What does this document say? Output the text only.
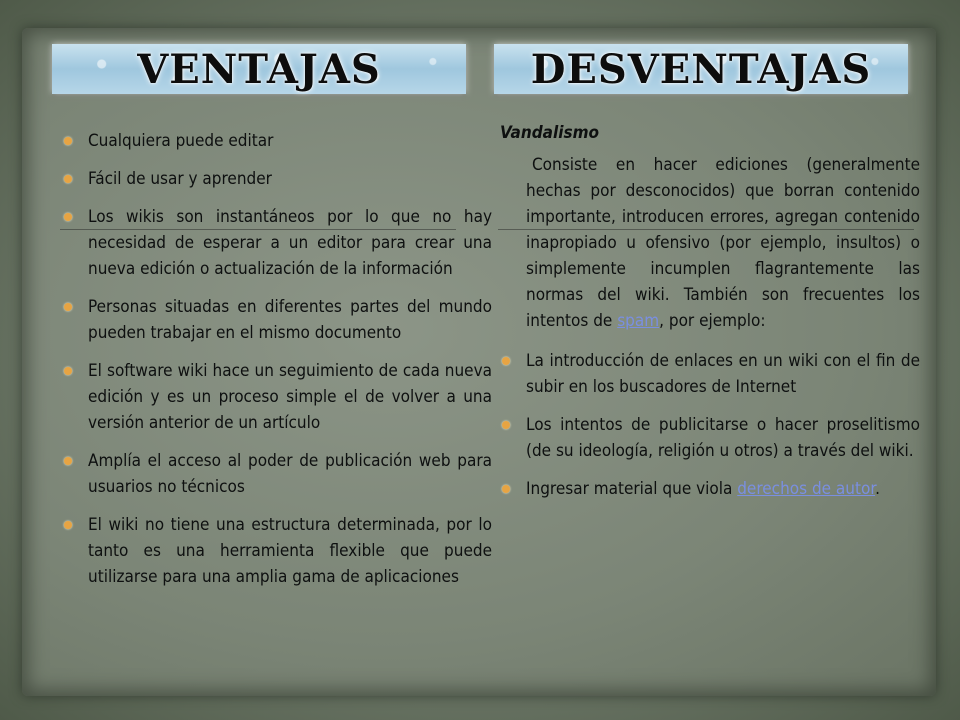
VENTAJAS	DESVENTAJAS
Cualquiera puede editar
Fácil de usar y aprender
Los wikis son instantáneos por lo que no hay necesidad de esperar a un editor para crear una nueva edición o actualización de la información
Personas situadas en diferentes partes del mundo pueden trabajar en el mismo documento
El software wiki hace un seguimiento de cada nueva edición y es un proceso simple el de volver a una versión anterior de un artículo
Amplía el acceso al poder de publicación web para usuarios no técnicos
El wiki no tiene una estructura determinada, por lo tanto es una herramienta flexible que puede utilizarse para una amplia gama de aplicaciones
Vandalismo
Consiste en hacer ediciones (generalmente hechas por desconocidos) que borran contenido importante, introducen errores, agregan contenido inapropiado u ofensivo (por ejemplo, insultos) o simplemente incumplen flagrantemente las normas del wiki. También son frecuentes los intentos de spam, por ejemplo:
La introducción de enlaces en un wiki con el fin de subir en los buscadores de Internet
Los intentos de publicitarse o hacer proselitismo (de su ideología, religión u otros) a través del wiki.
Ingresar material que viola derechos de autor.
